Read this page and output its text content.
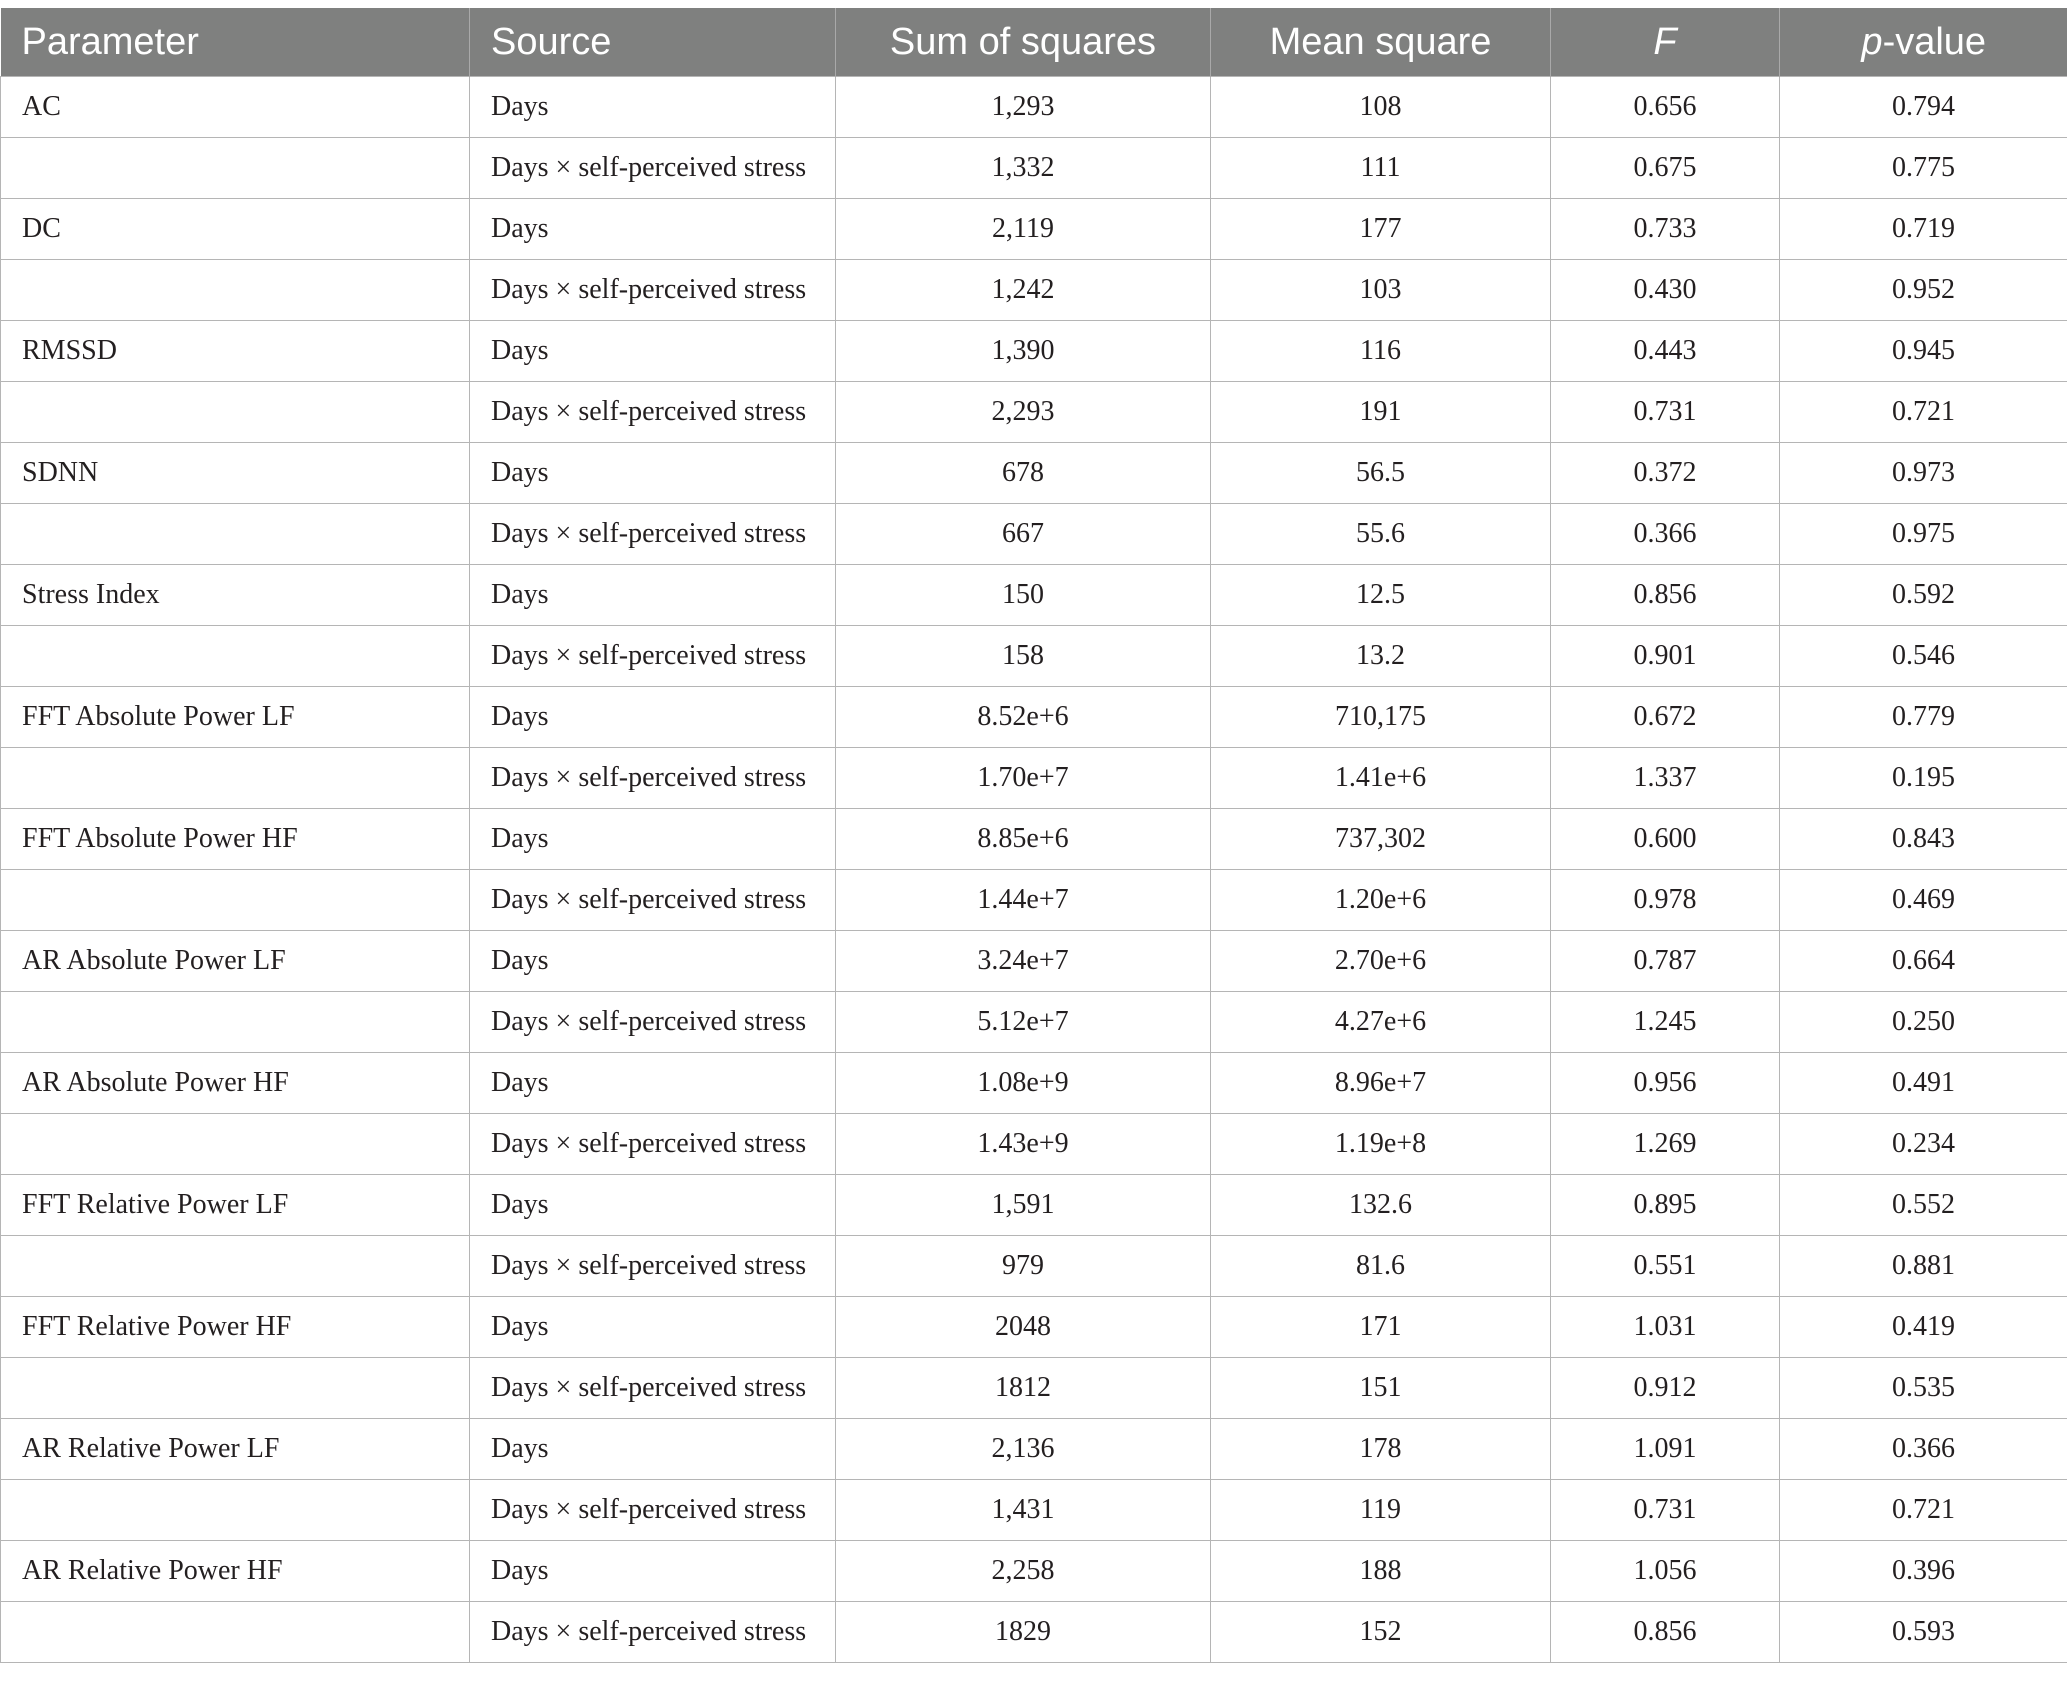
Parameter	Source	Sum of squares	Mean square	F	p-value
AC	Days	1,293	108	0.656	0.794
	Days × self-perceived stress	1,332	111	0.675	0.775
DC	Days	2,119	177	0.733	0.719
	Days × self-perceived stress	1,242	103	0.430	0.952
RMSSD	Days	1,390	116	0.443	0.945
	Days × self-perceived stress	2,293	191	0.731	0.721
SDNN	Days	678	56.5	0.372	0.973
	Days × self-perceived stress	667	55.6	0.366	0.975
Stress Index	Days	150	12.5	0.856	0.592
	Days × self-perceived stress	158	13.2	0.901	0.546
FFT Absolute Power LF	Days	8.52e+6	710,175	0.672	0.779
	Days × self-perceived stress	1.70e+7	1.41e+6	1.337	0.195
FFT Absolute Power HF	Days	8.85e+6	737,302	0.600	0.843
	Days × self-perceived stress	1.44e+7	1.20e+6	0.978	0.469
AR Absolute Power LF	Days	3.24e+7	2.70e+6	0.787	0.664
	Days × self-perceived stress	5.12e+7	4.27e+6	1.245	0.250
AR Absolute Power HF	Days	1.08e+9	8.96e+7	0.956	0.491
	Days × self-perceived stress	1.43e+9	1.19e+8	1.269	0.234
FFT Relative Power LF	Days	1,591	132.6	0.895	0.552
	Days × self-perceived stress	979	81.6	0.551	0.881
FFT Relative Power HF	Days	2048	171	1.031	0.419
	Days × self-perceived stress	1812	151	0.912	0.535
AR Relative Power LF	Days	2,136	178	1.091	0.366
	Days × self-perceived stress	1,431	119	0.731	0.721
AR Relative Power HF	Days	2,258	188	1.056	0.396
	Days × self-perceived stress	1829	152	0.856	0.593
